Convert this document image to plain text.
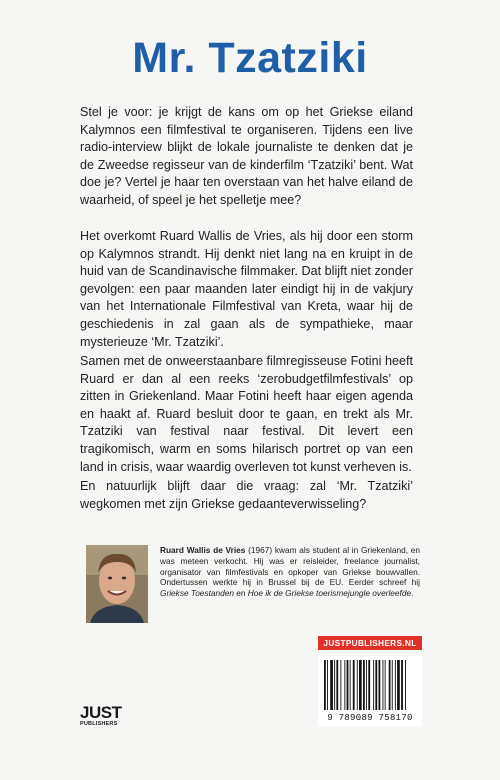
Mr. Tzatziki

Stel je voor: je krijgt de kans om op het Griekse eiland Kalymnos een filmfestival te organiseren. Tijdens een live radio-interview blijkt de lokale journaliste te denken dat je de Zweedse regisseur van de kinderfilm ‘Tzatziki’ bent. Wat doe je? Vertel je haar ten overstaan van het halve eiland de waarheid, of speel je het spelletje mee?

Het overkomt Ruard Wallis de Vries, als hij door een storm op Kalymnos strandt. Hij denkt niet lang na en kruipt in de huid van de Scandinavische filmmaker. Dat blijft niet zonder gevolgen: een paar maanden later eindigt hij in de vakjury van het Internationale Filmfestival van Kreta, waar hij de geschiedenis in zal gaan als de sympathieke, maar mysterieuze ‘Mr. Tzatziki’.

Samen met de onweerstaanbare filmregisseuse Fotini heeft Ruard er dan al een reeks ‘zerobudgetfilmfestivals’ op zitten in Griekenland. Maar Fotini heeft haar eigen agenda en haakt af. Ruard besluit door te gaan, en trekt als Mr. Tzatziki van festival naar festival. Dit levert een tragikomisch, warm en soms hilarisch portret op van een land in crisis, waar waardig overleven tot kunst verheven is.

En natuurlijk blijft daar die vraag: zal ‘Mr. Tzatziki’ wegkomen met zijn Griekse gedaanteverwisseling?

Ruard Wallis de Vries (1967) kwam als student al in Griekenland, en was meteen verkocht. Hij was er reisleider, freelance journalist, organisator van filmfestivals en opkoper van Griekse bouwvallen. Ondertussen werkte hij in Brussel bij de EU. Eerder schreef hij Griekse Toestanden en Hoe ik de Griekse toerismejungle overleefde.

JUSTPUBLISHERS.NL
9 789089 758170
JUST
PUBLISHERS
